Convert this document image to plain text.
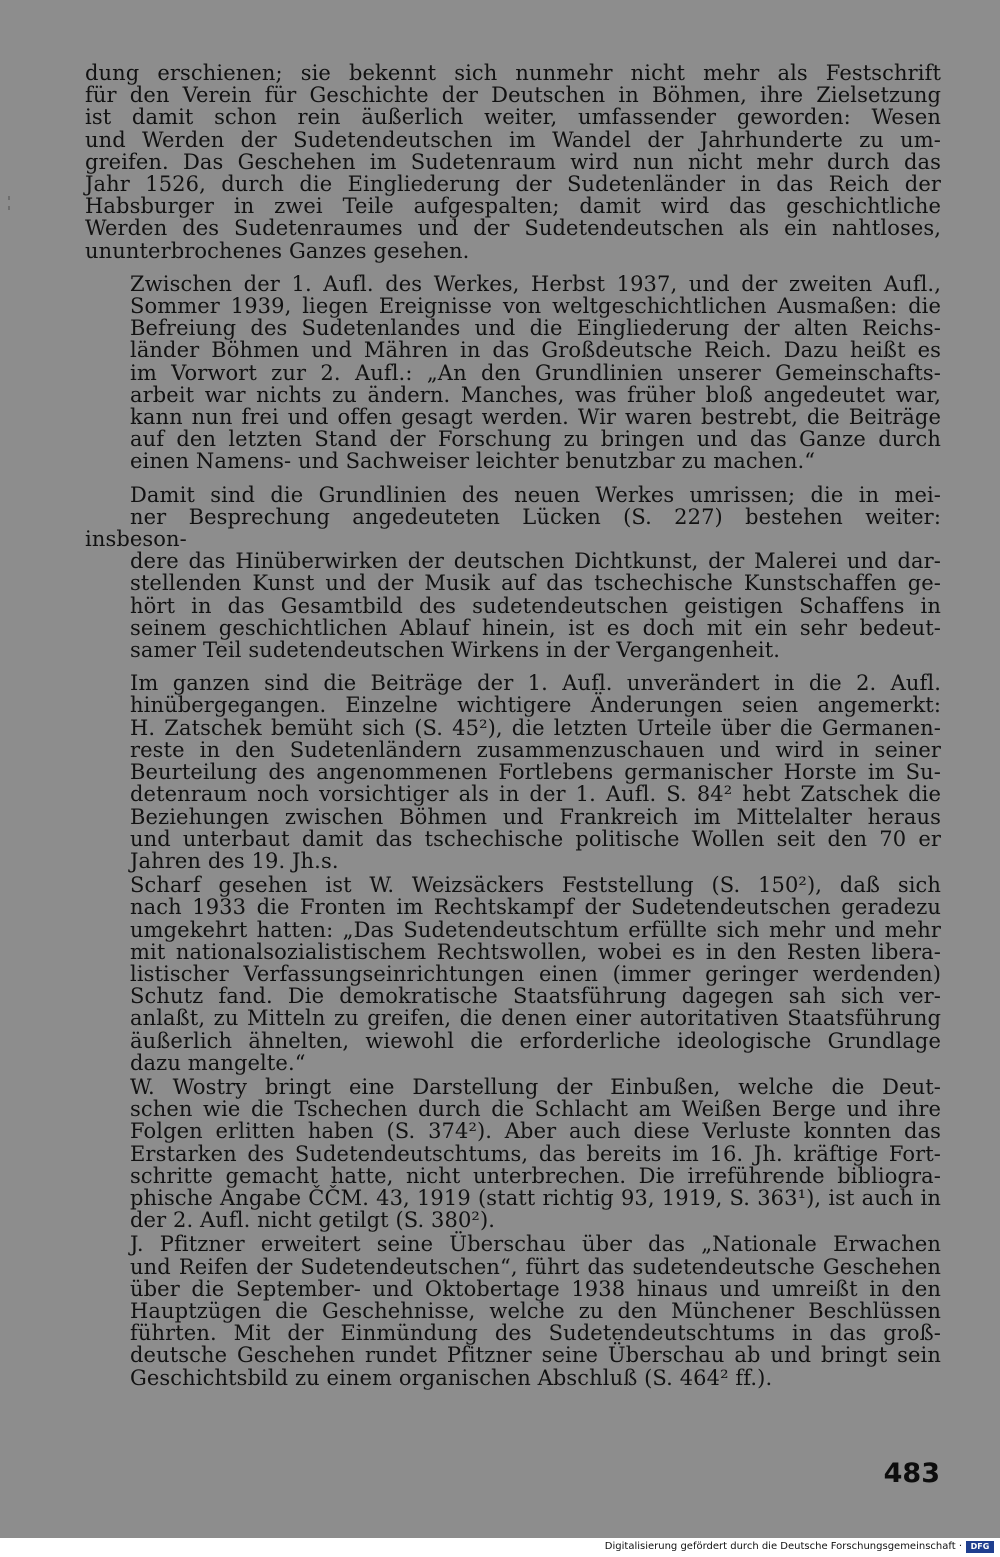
dung erschienen; sie bekennt sich nunmehr nicht mehr als Festschrift
für den Verein für Geschichte der Deutschen in Böhmen, ihre Zielsetzung
ist damit schon rein äußerlich weiter, umfassender geworden: Wesen
und Werden der Sudetendeutschen im Wandel der Jahrhunderte zu um-
greifen. Das Geschehen im Sudetenraum wird nun nicht mehr durch das
Jahr 1526, durch die Eingliederung der Sudetenländer in das Reich der
Habsburger in zwei Teile aufgespalten; damit wird das geschichtliche
Werden des Sudetenraumes und der Sudetendeutschen als ein nahtloses,
ununterbrochenes Ganzes gesehen.

Zwischen der 1. Aufl. des Werkes, Herbst 1937, und der zweiten Aufl.,
Sommer 1939, liegen Ereignisse von weltgeschichtlichen Ausmaßen: die
Befreiung des Sudetenlandes und die Eingliederung der alten Reichs-
länder Böhmen und Mähren in das Großdeutsche Reich. Dazu heißt es
im Vorwort zur 2. Aufl.: „An den Grundlinien unserer Gemeinschafts-
arbeit war nichts zu ändern. Manches, was früher bloß angedeutet war,
kann nun frei und offen gesagt werden. Wir waren bestrebt, die Beiträge
auf den letzten Stand der Forschung zu bringen und das Ganze durch
einen Namens- und Sachweiser leichter benutzbar zu machen.“

Damit sind die Grundlinien des neuen Werkes umrissen; die in mei-
ner Besprechung angedeuteten Lücken (S. 227) bestehen weiter: insbeson-
dere das Hinüberwirken der deutschen Dichtkunst, der Malerei und dar-
stellenden Kunst und der Musik auf das tschechische Kunstschaffen ge-
hört in das Gesamtbild des sudetendeutschen geistigen Schaffens in
seinem geschichtlichen Ablauf hinein, ist es doch mit ein sehr bedeut-
samer Teil sudetendeutschen Wirkens in der Vergangenheit.

Im ganzen sind die Beiträge der 1. Aufl. unverändert in die 2. Aufl.
hinübergegangen. Einzelne wichtigere Änderungen seien angemerkt:
H. Zatschek bemüht sich (S. 45²), die letzten Urteile über die Germanen-
reste in den Sudetenländern zusammenzuschauen und wird in seiner
Beurteilung des angenommenen Fortlebens germanischer Horste im Su-
detenraum noch vorsichtiger als in der 1. Aufl. S. 84² hebt Zatschek die
Beziehungen zwischen Böhmen und Frankreich im Mittelalter heraus
und unterbaut damit das tschechische politische Wollen seit den 70 er
Jahren des 19. Jh.s.

Scharf gesehen ist W. Weizsäckers Feststellung (S. 150²), daß sich
nach 1933 die Fronten im Rechtskampf der Sudetendeutschen geradezu
umgekehrt hatten: „Das Sudetendeutschtum erfüllte sich mehr und mehr
mit nationalsozialistischem Rechtswollen, wobei es in den Resten libera-
listischer Verfassungseinrichtungen einen (immer geringer werdenden)
Schutz fand. Die demokratische Staatsführung dagegen sah sich ver-
anlaßt, zu Mitteln zu greifen, die denen einer autoritativen Staatsführung
äußerlich ähnelten, wiewohl die erforderliche ideologische Grundlage
dazu mangelte.“

W. Wostry bringt eine Darstellung der Einbußen, welche die Deut-
schen wie die Tschechen durch die Schlacht am Weißen Berge und ihre
Folgen erlitten haben (S. 374²). Aber auch diese Verluste konnten das
Erstarken des Sudetendeutschtums, das bereits im 16. Jh. kräftige Fort-
schritte gemacht hatte, nicht unterbrechen. Die irreführende bibliogra-
phische Angabe ČČM. 43, 1919 (statt richtig 93, 1919, S. 363¹), ist auch in
der 2. Aufl. nicht getilgt (S. 380²).

J. Pfitzner erweitert seine Überschau über das „Nationale Erwachen
und Reifen der Sudetendeutschen“, führt das sudetendeutsche Geschehen
über die September- und Oktobertage 1938 hinaus und umreißt in den
Hauptzügen die Geschehnisse, welche zu den Münchener Beschlüssen
führten. Mit der Einmündung des Sudetendeutschtums in das groß-
deutsche Geschehen rundet Pfitzner seine Überschau ab und bringt sein
Geschichtsbild zu einem organischen Abschluß (S. 464² ff.).

483
Digitalisierung gefördert durch die Deutsche Forschungsgemeinschaft ·	DFG
